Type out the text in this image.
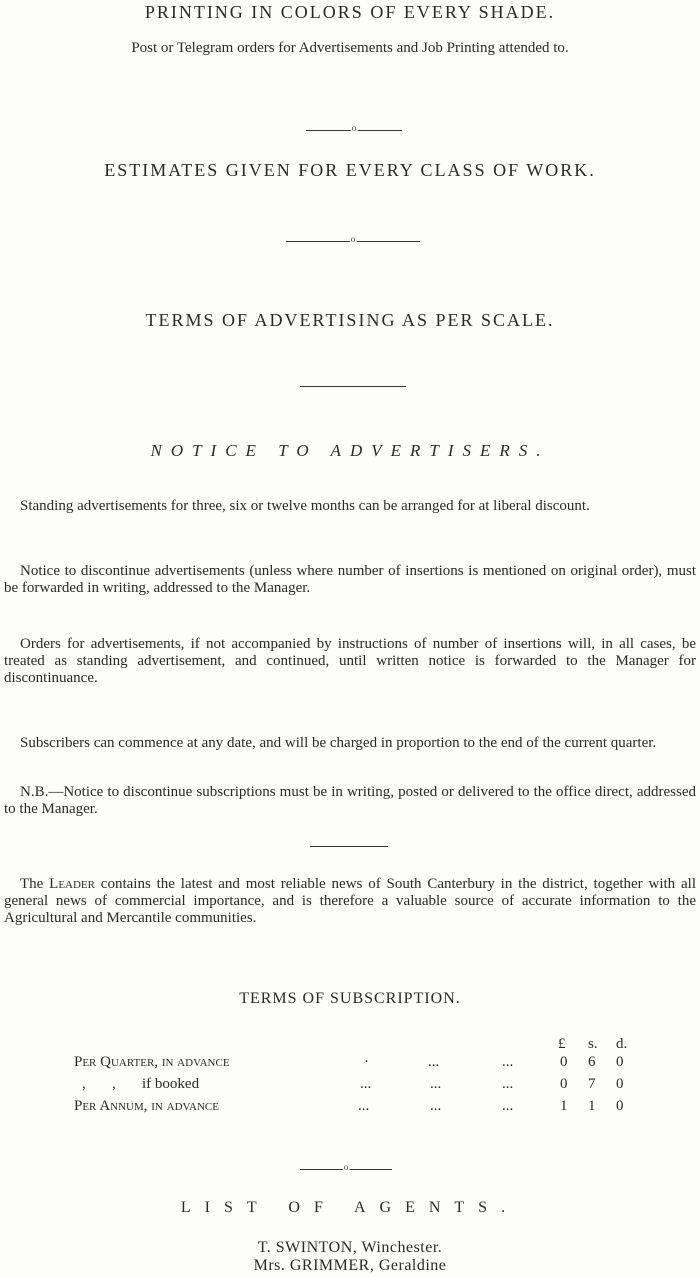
PRINTING IN COLORS OF EVERY SHADE.
Post or Telegram orders for Advertisements and Job Printing attended to.
o
ESTIMATES GIVEN FOR EVERY CLASS OF WORK.
o
TERMS OF ADVERTISING AS PER SCALE.
NOTICE TO ADVERTISERS.
Standing advertisements for three, six or twelve months can be arranged for at liberal discount.
Notice to discontinue advertisements (unless where number of insertions is mentioned on original order), must be forwarded in writing, addressed to the Manager.
Orders for advertisements, if not accompanied by instructions of number of insertions will, in all cases, be treated as standing advertisement, and continued, until written notice is forwarded to the Manager for discontinuance.
Subscribers can commence at any date, and will be charged in proportion to the end of the current quarter.
N.B.—Notice to discontinue subscriptions must be in writing, posted or delivered to the office direct, addressed to the Manager.
The Leader contains the latest and most reliable news of South Canterbury in the district, together with all general news of commercial importance, and is therefore a valuable source of accurate information to the Agricultural and Mercantile communities.
TERMS OF SUBSCRIPTION.
£ s. d.
Per Quarter, in advance	·	...	...	0 6 0
,       ,       if booked	...	...	...	0 7 0
Per Annum, in advance	...	...	...	1 1 0
o
LIST OF AGENTS.
T. SWINTON, Winchester.
Mrs. GRIMMER, Geraldine
